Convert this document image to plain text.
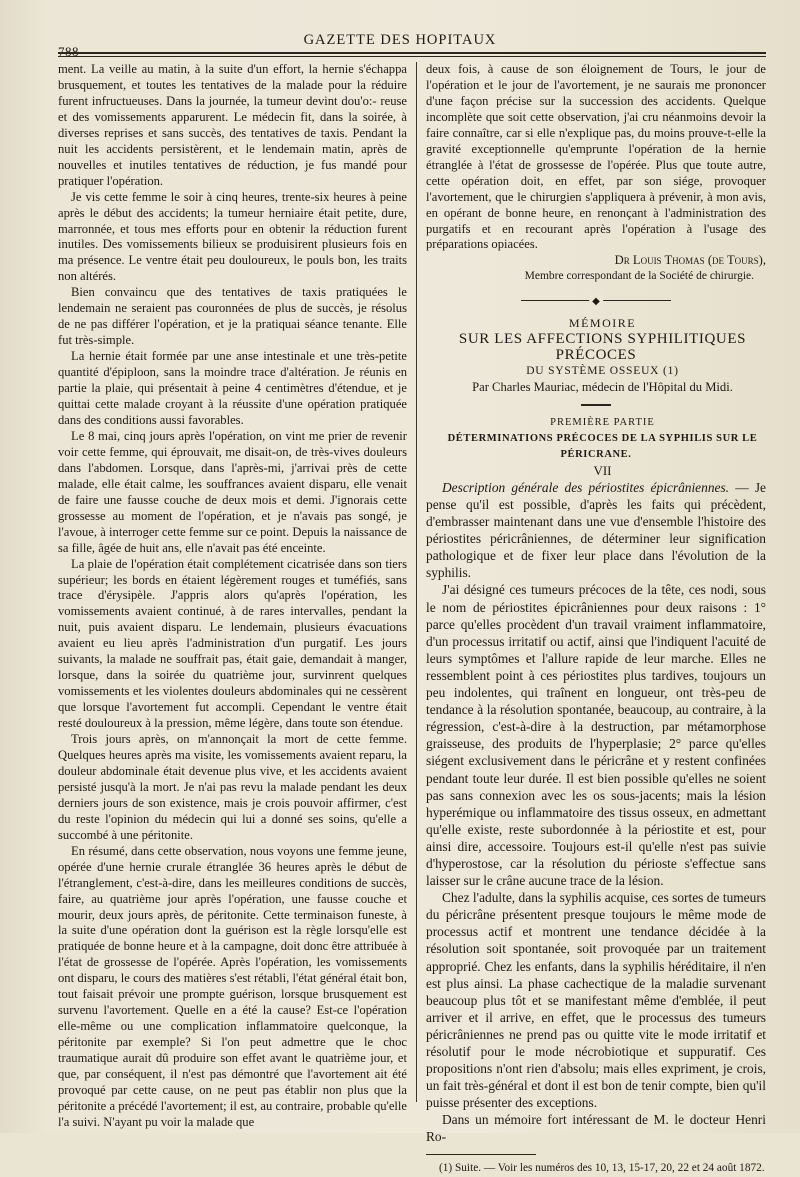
788
GAZETTE DES HOPITAUX

ment. La veille au matin, à la suite d'un effort, la hernie s'échappa brusquement, et toutes les tentatives de la malade pour la réduire furent infructueuses. Dans la journée, la tumeur devint dou'o:- reuse et des vomissements apparurent. Le médecin fit, dans la soirée, à diverses reprises et sans succès, des tentatives de taxis. Pendant la nuit les accidents persistèrent, et le lendemain matin, après de nouvelles et inutiles tentatives de réduction, je fus mandé pour pratiquer l'opération.

Je vis cette femme le soir à cinq heures, trente-six heures à peine après le début des accidents; la tumeur herniaire était petite, dure, marronnée, et tous mes efforts pour en obtenir la réduction furent inutiles. Des vomissements bilieux se produisirent plusieurs fois en ma présence. Le ventre était peu douloureux, le pouls bon, les traits non altérés.

Bien convaincu que des tentatives de taxis pratiquées le lendemain ne seraient pas couronnées de plus de succès, je résolus de ne pas différer l'opération, et je la pratiquai séance tenante. Elle fut très-simple.

La hernie était formée par une anse intestinale et une très-petite quantité d'épiploon, sans la moindre trace d'altération. Je réunis en partie la plaie, qui présentait à peine 4 centimètres d'étendue, et je quittai cette malade croyant à la réussite d'une opération pratiquée dans des conditions aussi favorables.

Le 8 mai, cinq jours après l'opération, on vint me prier de revenir voir cette femme, qui éprouvait, me disait-on, de très-vives douleurs dans l'abdomen. Lorsque, dans l'après-mi, j'arrivai près de cette malade, elle était calme, les souffrances avaient disparu, elle venait de faire une fausse couche de deux mois et demi. J'ignorais cette grossesse au moment de l'opération, et je n'avais pas songé, je l'avoue, à interroger cette femme sur ce point. Depuis la naissance de sa fille, âgée de huit ans, elle n'avait pas été enceinte.

La plaie de l'opération était complétement cicatrisée dans son tiers supérieur; les bords en étaient légèrement rouges et tuméfiés, sans trace d'érysipèle. J'appris alors qu'après l'opération, les vomissements avaient continué, à de rares intervalles, pendant la nuit, puis avaient disparu. Le lendemain, plusieurs évacuations avaient eu lieu après l'administration d'un purgatif. Les jours suivants, la malade ne souffrait pas, était gaie, demandait à manger, lorsque, dans la soirée du quatrième jour, survinrent quelques vomissements et les violentes douleurs abdominales qui ne cessèrent que lorsque l'avortement fut accompli. Cependant le ventre était resté douloureux à la pression, même légère, dans toute son étendue.

Trois jours après, on m'annonçait la mort de cette femme. Quelques heures après ma visite, les vomissements avaient reparu, la douleur abdominale était devenue plus vive, et les accidents avaient persisté jusqu'à la mort. Je n'ai pas revu la malade pendant les deux derniers jours de son existence, mais je crois pouvoir affirmer, c'est du reste l'opinion du médecin qui lui a donné ses soins, qu'elle a succombé à une péritonite.

En résumé, dans cette observation, nous voyons une femme jeune, opérée d'une hernie crurale étranglée 36 heures après le début de l'étranglement, c'est-à-dire, dans les meilleures conditions de succès, faire, au quatrième jour après l'opération, une fausse couche et mourir, deux jours après, de péritonite. Cette terminaison funeste, à la suite d'une opération dont la guérison est la règle lorsqu'elle est pratiquée de bonne heure et à la campagne, doit donc être attribuée à l'état de grossesse de l'opérée. Après l'opération, les vomissements ont disparu, le cours des matières s'est rétabli, l'état général était bon, tout faisait prévoir une prompte guérison, lorsque brusquement est survenu l'avortement. Quelle en a été la cause? Est-ce l'opération elle-même ou une complication inflammatoire quelconque, la péritonite par exemple? Si l'on peut admettre que le choc traumatique aurait dû produire son effet avant le quatrième jour, et que, par conséquent, il n'est pas démontré que l'avortement ait été provoqué par cette cause, on ne peut pas établir non plus que la péritonite a précédé l'avortement; il est, au contraire, probable qu'elle l'a suivi. N'ayant pu voir la malade que

deux fois, à cause de son éloignement de Tours, le jour de l'opération et le jour de l'avortement, je ne saurais me prononcer d'une façon précise sur la succession des accidents. Quelque incomplète que soit cette observation, j'ai cru néanmoins devoir la faire connaître, car si elle n'explique pas, du moins prouve-t-elle la gravité exceptionnelle qu'emprunte l'opération de la hernie étranglée à l'état de grossesse de l'opérée. Plus que toute autre, cette opération doit, en effet, par son siége, provoquer l'avortement, que le chirurgien s'appliquera à prévenir, à mon avis, en opérant de bonne heure, en renonçant à l'administration des purgatifs et en recourant après l'opération à l'usage des préparations opiacées.

Dr Louis Thomas (de Tours),

Membre correspondant de la Société de chirurgie.

◆

MÉMOIRE

SUR LES AFFECTIONS SYPHILITIQUES PRÉCOCES

DU SYSTÈME OSSEUX (1)

Par Charles Mauriac, médecin de l'Hôpital du Midi.

PREMIÈRE PARTIE

DÉTERMINATIONS PRÉCOCES DE LA SYPHILIS SUR LE PÉRICRANE.

VII

Description générale des périostites épicrâniennes. — Je pense qu'il est possible, d'après les faits qui précèdent, d'embrasser maintenant dans une vue d'ensemble l'histoire des périostites péricrâniennes, de déterminer leur signification pathologique et de fixer leur place dans l'évolution de la syphilis.

J'ai désigné ces tumeurs précoces de la tête, ces nodi, sous le nom de périostites épicrâniennes pour deux raisons : 1° parce qu'elles procèdent d'un travail vraiment inflammatoire, d'un processus irritatif ou actif, ainsi que l'indiquent l'acuité de leurs symptômes et l'allure rapide de leur marche. Elles ne ressemblent point à ces périostites plus tardives, toujours un peu indolentes, qui traînent en longueur, ont très-peu de tendance à la résolution spontanée, beaucoup, au contraire, à la régression, c'est-à-dire à la destruction, par métamorphose graisseuse, des produits de l'hyperplasie; 2° parce qu'elles siégent exclusivement dans le péricrâne et y restent confinées pendant toute leur durée. Il est bien possible qu'elles ne soient pas sans connexion avec les os sous-jacents; mais la lésion hyperémique ou inflammatoire des tissus osseux, en admettant qu'elle existe, reste subordonnée à la périostite et est, pour ainsi dire, accessoire. Toujours est-il qu'elle n'est pas suivie d'hyperostose, car la résolution du périoste s'effectue sans laisser sur le crâne aucune trace de la lésion.

Chez l'adulte, dans la syphilis acquise, ces sortes de tumeurs du péricrâne présentent presque toujours le même mode de processus actif et montrent une tendance décidée à la résolution soit spontanée, soit provoquée par un traitement approprié. Chez les enfants, dans la syphilis héréditaire, il n'en est plus ainsi. La phase cachectique de la maladie survenant beaucoup plus tôt et se manifestant même d'emblée, il peut arriver et il arrive, en effet, que le processus des tumeurs péricrâniennes ne prend pas ou quitte vite le mode irritatif et résolutif pour le mode nécrobiotique et suppuratif. Ces propositions n'ont rien d'absolu; mais elles expriment, je crois, un fait très-général et dont il est bon de tenir compte, bien qu'il puisse présenter des exceptions.

Dans un mémoire fort intéressant de M. le docteur Henri Ro-

(1) Suite. — Voir les numéros des 10, 13, 15-17, 20, 22 et 24 août 1872.
